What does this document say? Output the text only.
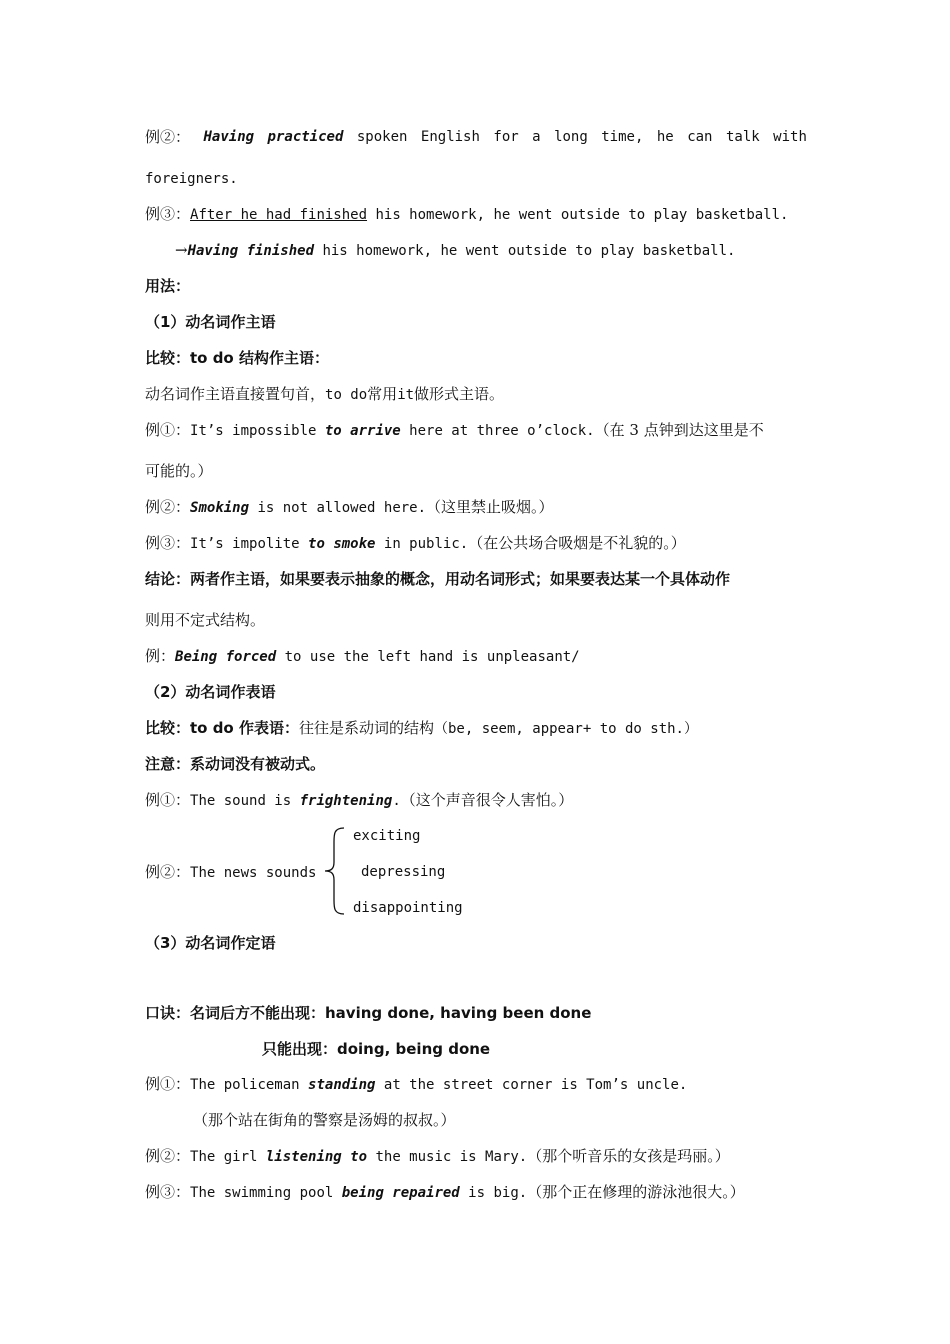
例②： Having practiced spoken English for a long time, he can talk with
foreigners.
例③：After he had finished his homework, he went outside to play basketball.
→Having finished his homework, he went outside to play basketball.
用法：
（1）动名词作主语
比较：to do 结构作主语：
动名词作主语直接置句首，to do常用it做形式主语。
例①：It’s impossible to arrive here at three o’clock.（在 3 点钟到达这里是不
可能的。）
例②：Smoking is not allowed here.（这里禁止吸烟。）
例③：It’s impolite to smoke in public.（在公共场合吸烟是不礼貌的。）
结论：两者作主语，如果要表示抽象的概念，用动名词形式；如果要表达某一个具体动作
则用不定式结构。
例：Being forced to use the left hand is unpleasant/
（2）动名词作表语
比较：to do 作表语：往往是系动词的结构（be, seem, appear+ to do sth.）
注意：系动词没有被动式。
例①：The sound is frightening.（这个声音很令人害怕。）
例②：The news sounds
exciting
depressing
disappointing
（3）动名词作定语
口诀：名词后方不能出现：having done, having been done
只能出现：doing, being done
例①：The policeman standing at the street corner is Tom’s uncle.
（那个站在街角的警察是汤姆的叔叔。）
例②：The girl listening to the music is Mary.（那个听音乐的女孩是玛丽。）
例③：The swimming pool being repaired is big.（那个正在修理的游泳池很大。）
